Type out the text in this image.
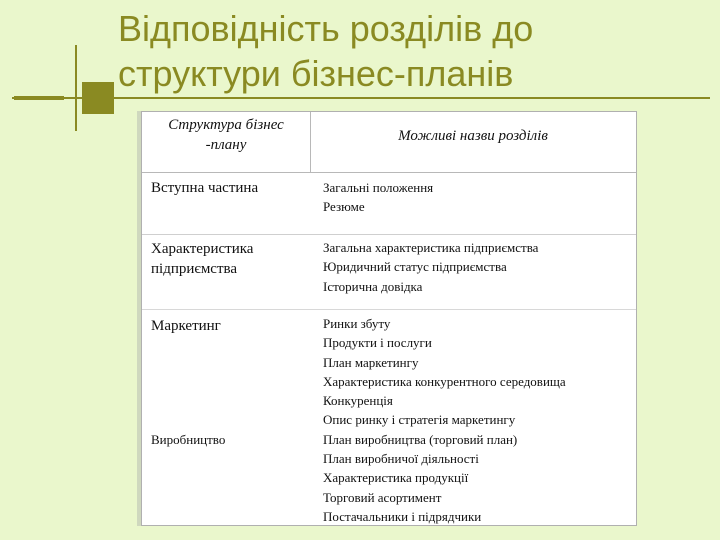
Відповідність розділів до
структури бізнес-планів
Структура бізнес
-плану
Можливі назви розділів
Вступна частина	Загальні положення
Резюме
Характеристика
підприємства
Загальна характеристика підприємства
Юридичний статус підприємства
Історична довідка
Маркетинг
Виробництво
Ринки збуту
Продукти і послуги
План маркетингу
Характеристика конкурентного середовища
Конкуренція
Опис ринку і стратегія маркетингу
План виробництва (торговий план)
План виробничої діяльності
Характеристика продукції
Торговий асортимент
Постачальники і підрядчики
